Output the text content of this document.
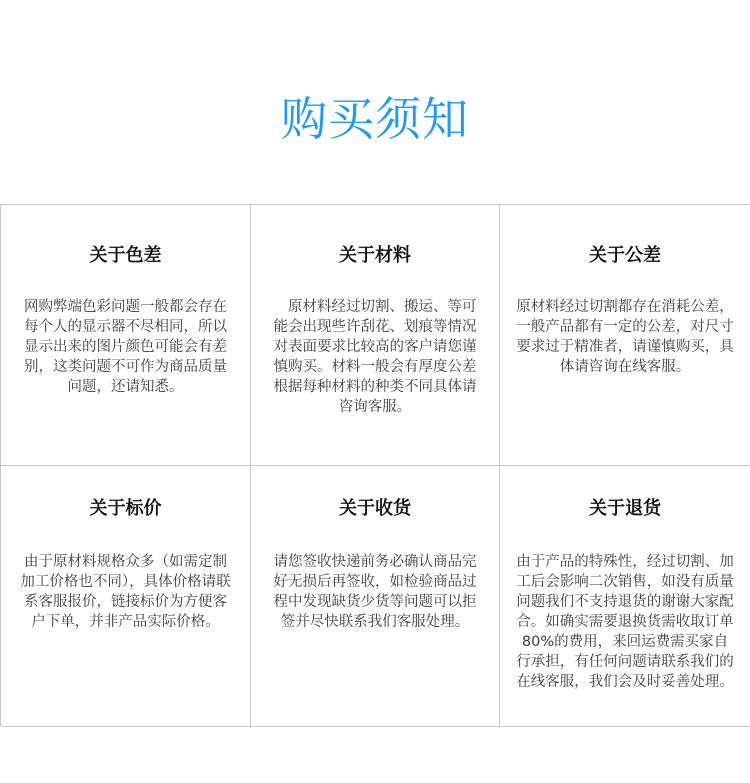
购买须知
关于色差

网购弊端色彩问题一般都会存在每个人的显示器不尽相同，所以显示出来的图片颜色可能会有差别，这类问题不可作为商品质量问题，还请知悉。

关于材料

　原材料经过切割、搬运、等可能会出现些许刮花、划痕等情况对表面要求比较高的客户请您谨慎购买。材料一般会有厚度公差根据每种材料的种类不同具体请咨询客服。

关于公差

原材料经过切割都存在消耗公差，一般产品都有一定的公差，对尺寸要求过于精准者，请谨慎购买，具体请咨询在线客服。

关于标价

由于原材料规格众多（如需定制加工价格也不同），具体价格请联系客服报价，链接标价为方便客户下单，并非产品实际价格。

关于收货

请您签收快递前务必确认商品完好无损后再签收，如检验商品过程中发现缺货少货等问题可以拒签并尽快联系我们客服处理。

关于退货

由于产品的特殊性，经过切割、加工后会影响二次销售，如没有质量问题我们不支持退货的谢谢大家配合。如确实需要退换货需收取订单80%的费用，来回运费需买家自行承担，有任何问题请联系我们的在线客服，我们会及时妥善处理。
